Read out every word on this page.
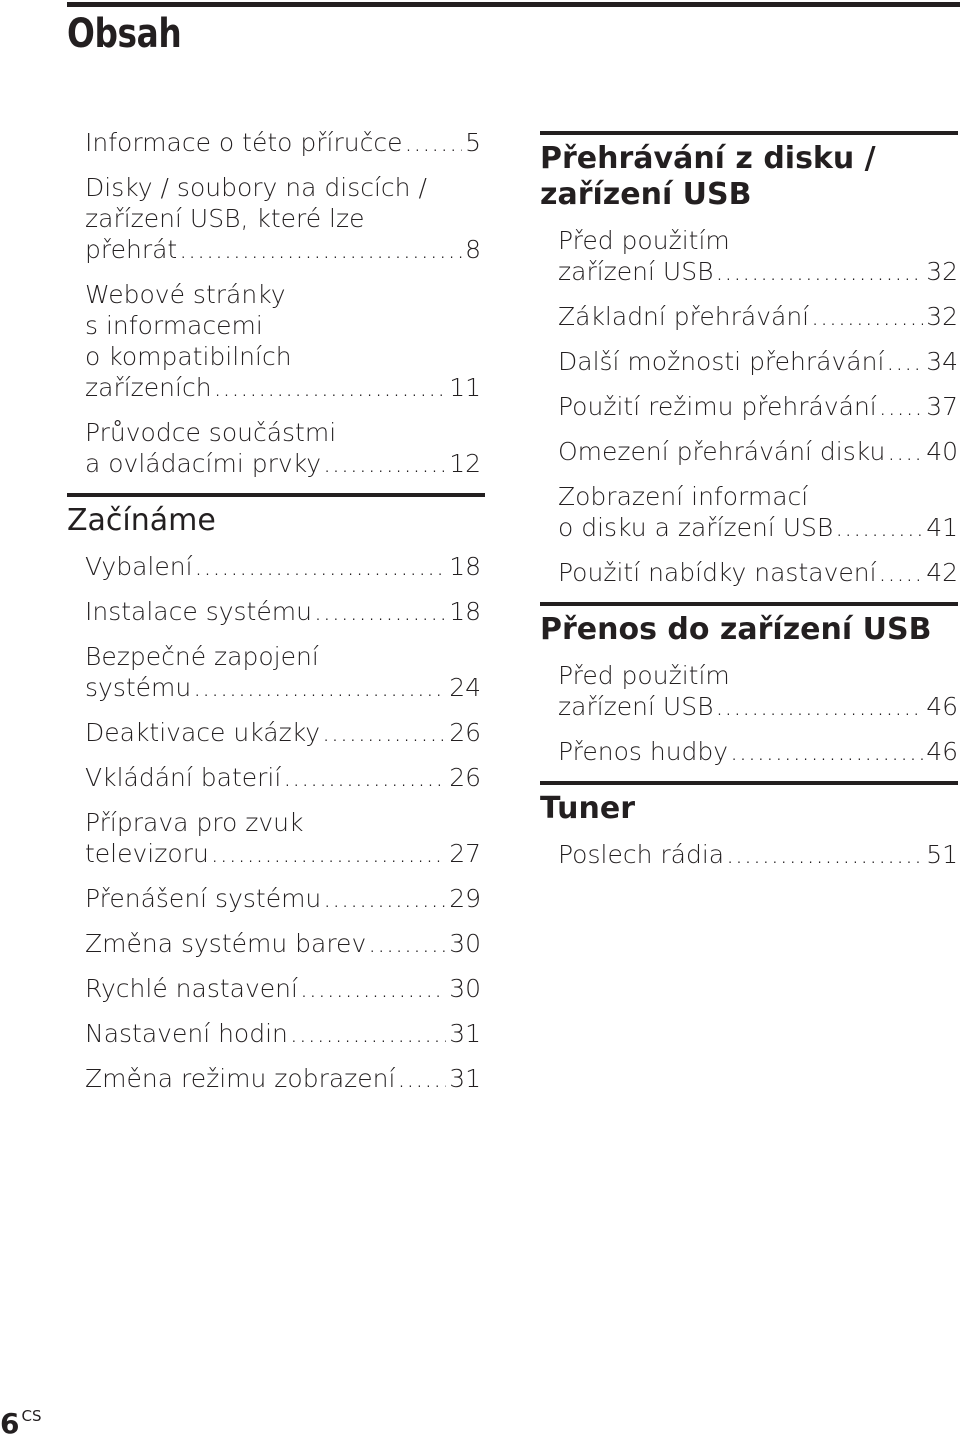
Obsah
Informace o této příručce .....	5
Disky / soubory na discích /
zařízení USB, které lze
přehrát .....	8
Webové stránky
s informacemi
o kompatibilních
zařízeních .....	11
Průvodce součástmi
a ovládacími prvky .....	12
Začínáme
Vybalení .....	18
Instalace systému .....	18
Bezpečné zapojení
systému .....	24
Deaktivace ukázky .....	26
Vkládání baterií .....	26
Příprava pro zvuk
televizoru .....	27
Přenášení systému .....	29
Změna systému barev .....	30
Rychlé nastavení .....	30
Nastavení hodin .....	31
Změna režimu zobrazení ..... 31
Přehrávání z disku /
zařízení USB
Před použitím
zařízení USB .....	32
Základní přehrávání .....	32
Další možnosti přehrávání ..... 34
Použití režimu přehrávání ..... 37
Omezení přehrávání disku ..... 40
Zobrazení informací
o disku a zařízení USB .....	41
Použití nabídky nastavení ..... 42
Přenos do zařízení USB
Před použitím
zařízení USB .....	46
Přenos hudby .....	46
Tuner
Poslech rádia .....	51
6 $^{CS}$
